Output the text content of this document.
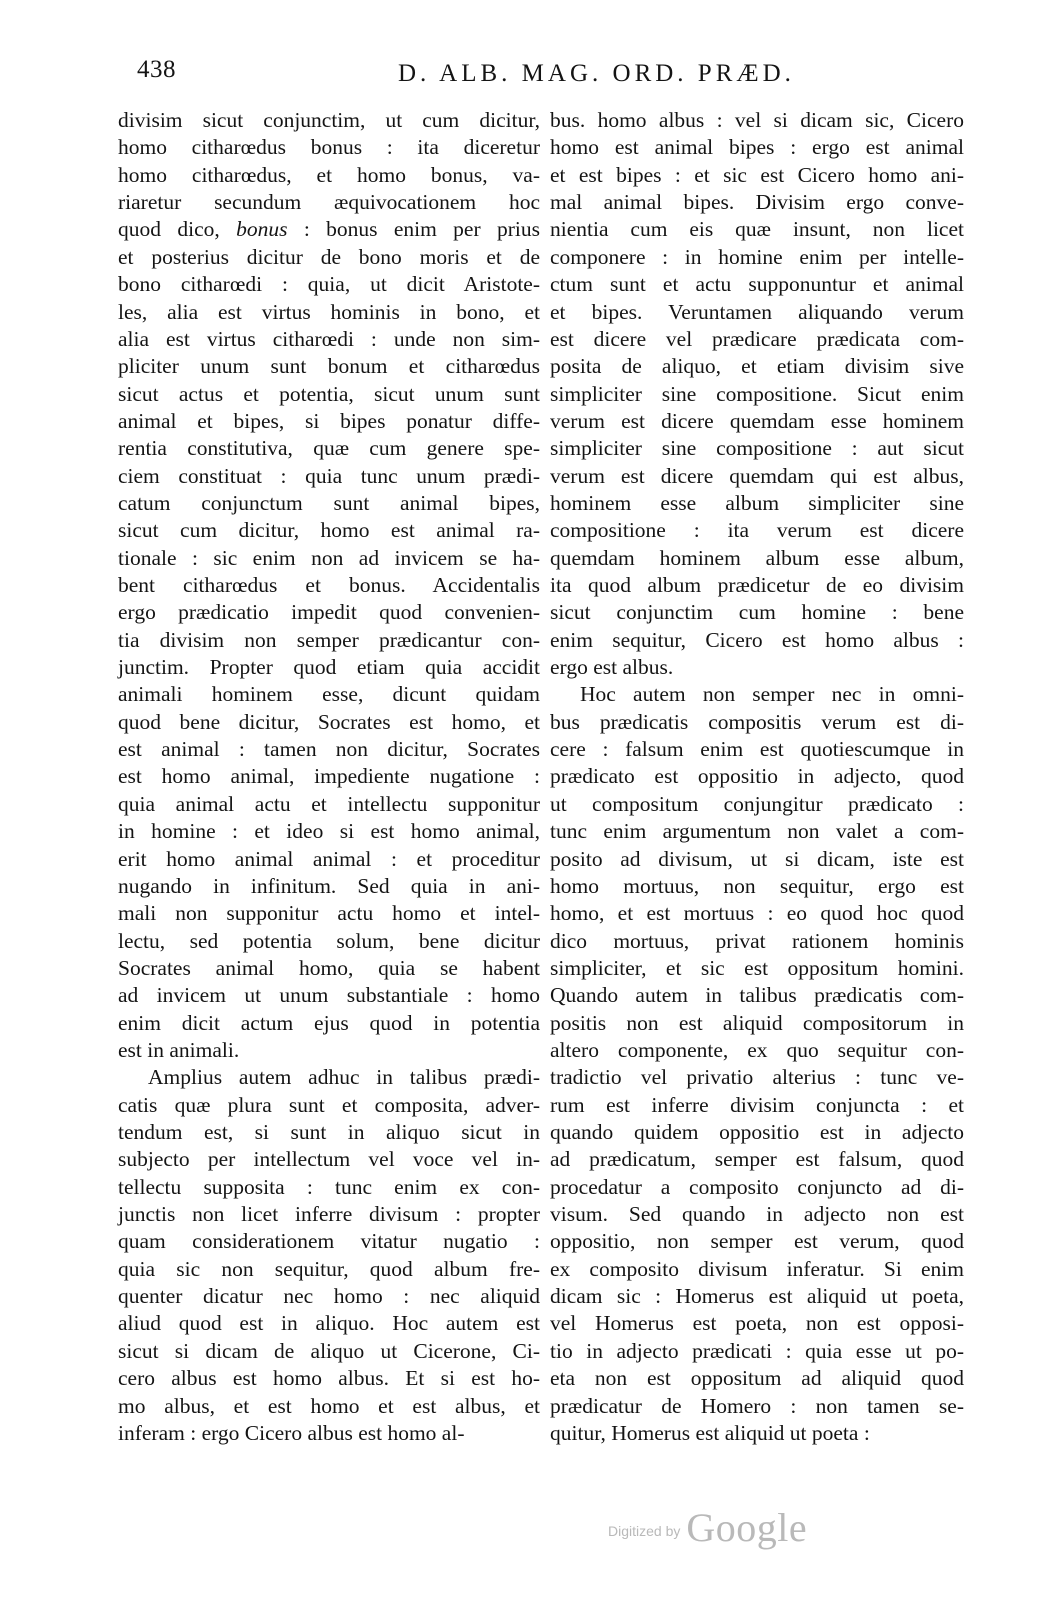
438	D. ALB. MAG. ORD. PRÆD.
divisim sicut conjunctim, ut cum dicitur,
homo citharœdus bonus : ita diceretur
homo citharœdus, et homo bonus, va-
riaretur secundum æquivocationem hoc
quod dico, bonus : bonus enim per prius
et posterius dicitur de bono moris et de
bono citharœdi : quia, ut dicit Aristote-
les, alia est virtus hominis in bono, et
alia est virtus citharœdi : unde non sim-
pliciter unum sunt bonum et citharœdus
sicut actus et potentia, sicut unum sunt
animal et bipes, si bipes ponatur diffe-
rentia constitutiva, quæ cum genere spe-
ciem constituat : quia tunc unum prædi-
catum conjunctum sunt animal bipes,
sicut cum dicitur, homo est animal ra-
tionale : sic enim non ad invicem se ha-
bent citharœdus et bonus. Accidentalis
ergo prædicatio impedit quod convenien-
tia divisim non semper prædicantur con-
junctim. Propter quod etiam quia accidit
animali hominem esse, dicunt quidam
quod bene dicitur, Socrates est homo, et
est animal : tamen non dicitur, Socrates
est homo animal, impediente nugatione :
quia animal actu et intellectu supponitur
in homine : et ideo si est homo animal,
erit homo animal animal : et proceditur
nugando in infinitum. Sed quia in ani-
mali non supponitur actu homo et intel-
lectu, sed potentia solum, bene dicitur
Socrates animal homo, quia se habent
ad invicem ut unum substantiale : homo
enim dicit actum ejus quod in potentia
est in animali.
Amplius autem adhuc in talibus prædi-
catis quæ plura sunt et composita, adver-
tendum est, si sunt in aliquo sicut in
subjecto per intellectum vel voce vel in-
tellectu supposita : tunc enim ex con-
junctis non licet inferre divisum : propter
quam considerationem vitatur nugatio :
quia sic non sequitur, quod album fre-
quenter dicatur nec homo : nec aliquid
aliud quod est in aliquo. Hoc autem est
sicut si dicam de aliquo ut Cicerone, Ci-
cero albus est homo albus. Et si est ho-
mo albus, et est homo et est albus, et
inferam : ergo Cicero albus est homo al-
bus. homo albus : vel si dicam sic, Cicero
homo est animal bipes : ergo est animal
et est bipes : et sic est Cicero homo ani-
mal animal bipes. Divisim ergo conve-
nientia cum eis quæ insunt, non licet
componere : in homine enim per intelle-
ctum sunt et actu supponuntur et animal
et bipes. Veruntamen aliquando verum
est dicere vel prædicare prædicata com-
posita de aliquo, et etiam divisim sive
simpliciter sine compositione. Sicut enim
verum est dicere quemdam esse hominem
simpliciter sine compositione : aut sicut
verum est dicere quemdam qui est albus,
hominem esse album simpliciter sine
compositione : ita verum est dicere
quemdam hominem album esse album,
ita quod album prædicetur de eo divisim
sicut conjunctim cum homine : bene
enim sequitur, Cicero est homo albus :
ergo est albus.
Hoc autem non semper nec in omni-
bus prædicatis compositis verum est di-
cere : falsum enim est quotiescumque in
prædicato est oppositio in adjecto, quod
ut compositum conjungitur prædicato :
tunc enim argumentum non valet a com-
posito ad divisum, ut si dicam, iste est
homo mortuus, non sequitur, ergo est
homo, et est mortuus : eo quod hoc quod
dico mortuus, privat rationem hominis
simpliciter, et sic est oppositum homini.
Quando autem in talibus prædicatis com-
positis non est aliquid compositorum in
altero componente, ex quo sequitur con-
tradictio vel privatio alterius : tunc ve-
rum est inferre divisim conjuncta : et
quando quidem oppositio est in adjecto
ad prædicatum, semper est falsum, quod
procedatur a composito conjuncto ad di-
visum. Sed quando in adjecto non est
oppositio, non semper est verum, quod
ex composito divisum inferatur. Si enim
dicam sic : Homerus est aliquid ut poeta,
vel Homerus est poeta, non est opposi-
tio in adjecto prædicati : quia esse ut po-
eta non est oppositum ad aliquid quod
prædicatur de Homero : non tamen se-
quitur, Homerus est aliquid ut poeta :
Digitized by Google
